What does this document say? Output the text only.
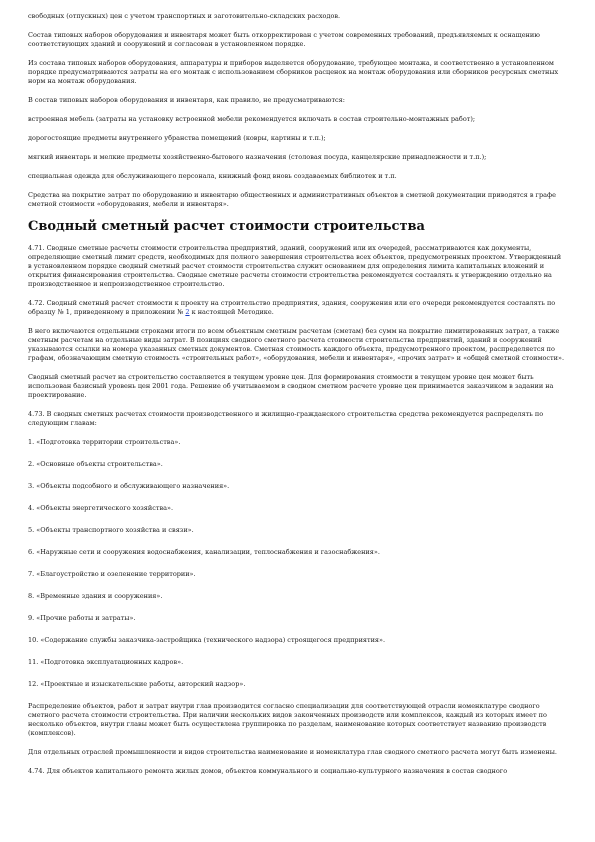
свободных (отпускных) цен с учетом транспортных и заготовительно-складских расходов.

Состав типовых наборов оборудования и инвентаря может быть откорректирован с учетом современных требований, предъявляемых к оснащению соответствующих зданий и сооружений и согласован в установленном порядке.

Из состава типовых наборов оборудования, аппаратуры и приборов выделяется оборудование, требующее монтажа, и соответственно в установленном порядке предусматриваются затраты на его монтаж с использованием сборников расценок на монтаж оборудования или сборников ресурсных сметных норм на монтаж оборудования.

В состав типовых наборов оборудования и инвентаря, как правило, не предусматриваются:

встроенная мебель (затраты на установку встроенной мебели рекомендуется включать в состав строительно-монтажных работ);

дорогостоящие предметы внутреннего убранства помещений (ковры, картины и т.п.);

мягкий инвентарь и мелкие предметы хозяйственно-бытового назначения (столовая посуда, канцелярские принадлежности и т.п.);

специальная одежда для обслуживающего персонала, книжный фонд вновь создаваемых библиотек и т.п.

Средства на покрытие затрат по оборудованию и инвентарю общественных и административных объектов в сметной документации приводятся в графе сметной стоимости «оборудования, мебели и инвентаря».

Сводный сметный расчет стоимости строительства

4.71. Сводные сметные расчеты стоимости строительства предприятий, зданий, сооружений или их очередей, рассматриваются как документы, определяющие сметный лимит средств, необходимых для полного завершения строительства всех объектов, предусмотренных проектом. Утвержденный в установленном порядке сводный сметный расчет стоимости строительства служит основанием для определения лимита капитальных вложений и открытия финансирования строительства. Сводные сметные расчеты стоимости строительства рекомендуется составлять к утверждению отдельно на производственное и непроизводственное строительство.

4.72. Сводный сметный расчет стоимости к проекту на строительство предприятия, здания, сооружения или его очереди рекомендуется составлять по образцу № 1, приведенному в приложении № 2 к настоящей Методике.

В него включаются отдельными строками итоги по всем объектным сметным расчетам (сметам) без сумм на покрытие лимитированных затрат, а также сметным расчетам на отдельные виды затрат. В позициях сводного сметного расчета стоимости строительства предприятий, зданий и сооружений указываются ссылки на номера указанных сметных документов. Сметная стоимость каждого объекта, предусмотренного проектом, распределяется по графам, обозначающим сметную стоимость «строительных работ», «оборудования, мебели и инвентаря», «прочих затрат» и «общей сметной стоимости».

Сводный сметный расчет на строительство составляется в текущем уровне цен. Для формирования стоимости в текущем уровне цен может быть использован базисный уровень цен 2001 года. Решение об учитываемом в сводном сметном расчете уровне цен принимается заказчиком в задании на проектирование.

4.73. В сводных сметных расчетах стоимости производственного и жилищно-гражданского строительства средства рекомендуется распределять по следующим главам:

1. «Подготовка территории строительства».

2. «Основные объекты строительства».

3. «Объекты подсобного и обслуживающего назначения».

4. «Объекты энергетического хозяйства».

5. «Объекты транспортного хозяйства и связи».

6. «Наружные сети и сооружения водоснабжения, канализации, теплоснабжения и газоснабжения».

7. «Благоустройство и озеленение территории».

8. «Временные здания и сооружения».

9. «Прочие работы и затраты».

10. «Содержание службы заказчика-застройщика (технического надзора) строящегося предприятия».

11. «Подготовка эксплуатационных кадров».

12. «Проектные и изыскательские работы, авторский надзор».

Распределение объектов, работ и затрат внутри глав производится согласно специализации для соответствующей отрасли номенклатуре сводного сметного расчета стоимости строительства. При наличии нескольких видов законченных производств или комплексов, каждый из которых имеет по несколько объектов, внутри главы может быть осуществлена группировка по разделам, наименование которых соответствует названию производств (комплексов).

Для отдельных отраслей промышленности и видов строительства наименование и номенклатура глав сводного сметного расчета могут быть изменены.

4.74. Для объектов капитального ремонта жилых домов, объектов коммунального и социально-культурного назначения в состав сводного
